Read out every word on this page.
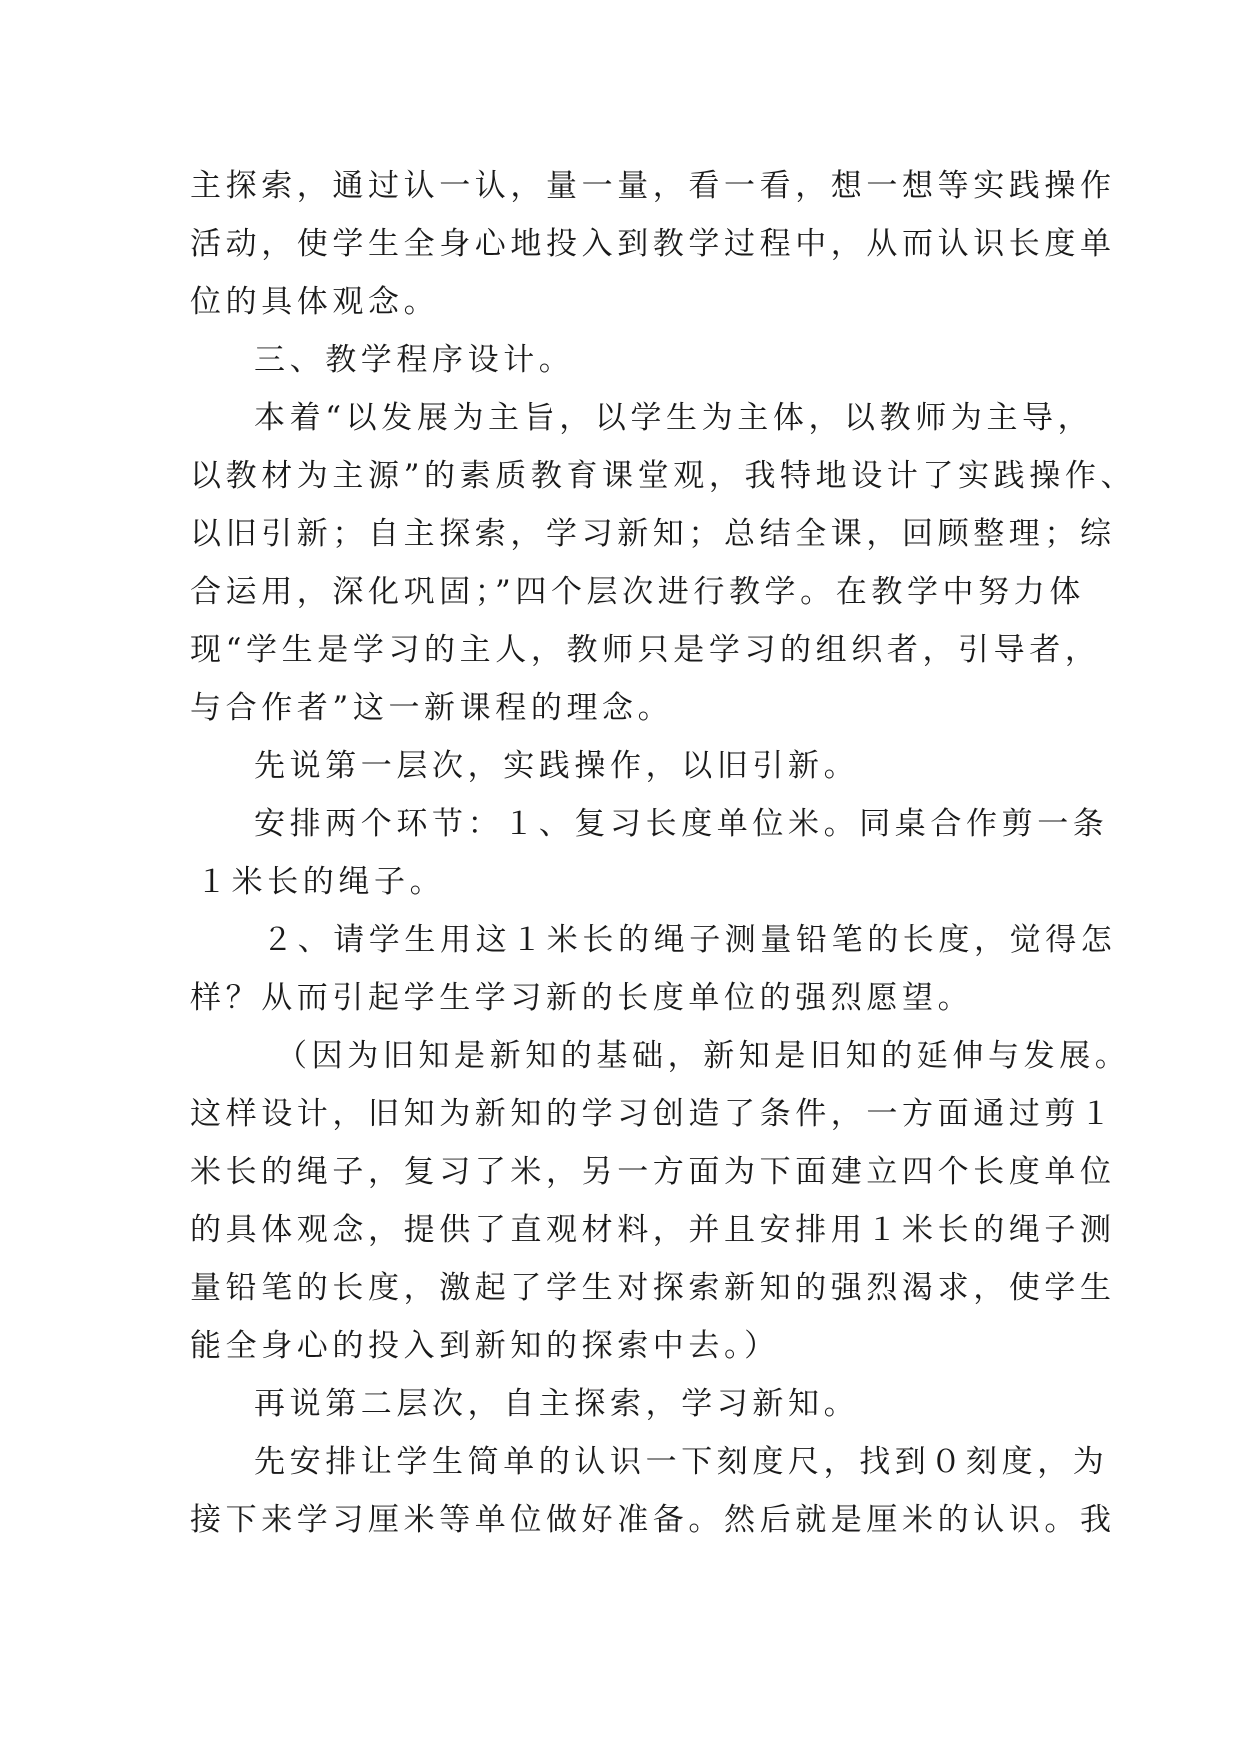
主探索，通过认一认，量一量，看一看，想一想等实践操作
活动，使学生全身心地投入到教学过程中，从而认识长度单
位的具体观念。
三、教学程序设计。
本着“以发展为主旨，以学生为主体，以教师为主导，
以教材为主源”的素质教育课堂观，我特地设计了实践操作、
以旧引新；自主探索，学习新知；总结全课，回顾整理；综
合运用，深化巩固；”四个层次进行教学。在教学中努力体
现“学生是学习的主人，教师只是学习的组织者，引导者，
与合作者”这一新课程的理念。
先说第一层次，实践操作，以旧引新。
安排两个环节：１、复习长度单位米。同桌合作剪一条
１米长的绳子。
２、请学生用这１米长的绳子测量铅笔的长度，觉得怎
样？从而引起学生学习新的长度单位的强烈愿望。
（因为旧知是新知的基础，新知是旧知的延伸与发展。
这样设计，旧知为新知的学习创造了条件，一方面通过剪１
米长的绳子，复习了米，另一方面为下面建立四个长度单位
的具体观念，提供了直观材料，并且安排用１米长的绳子测
量铅笔的长度，激起了学生对探索新知的强烈渴求，使学生
能全身心的投入到新知的探索中去。）
再说第二层次，自主探索，学习新知。
先安排让学生简单的认识一下刻度尺，找到０刻度，为
接下来学习厘米等单位做好准备。然后就是厘米的认识。我
